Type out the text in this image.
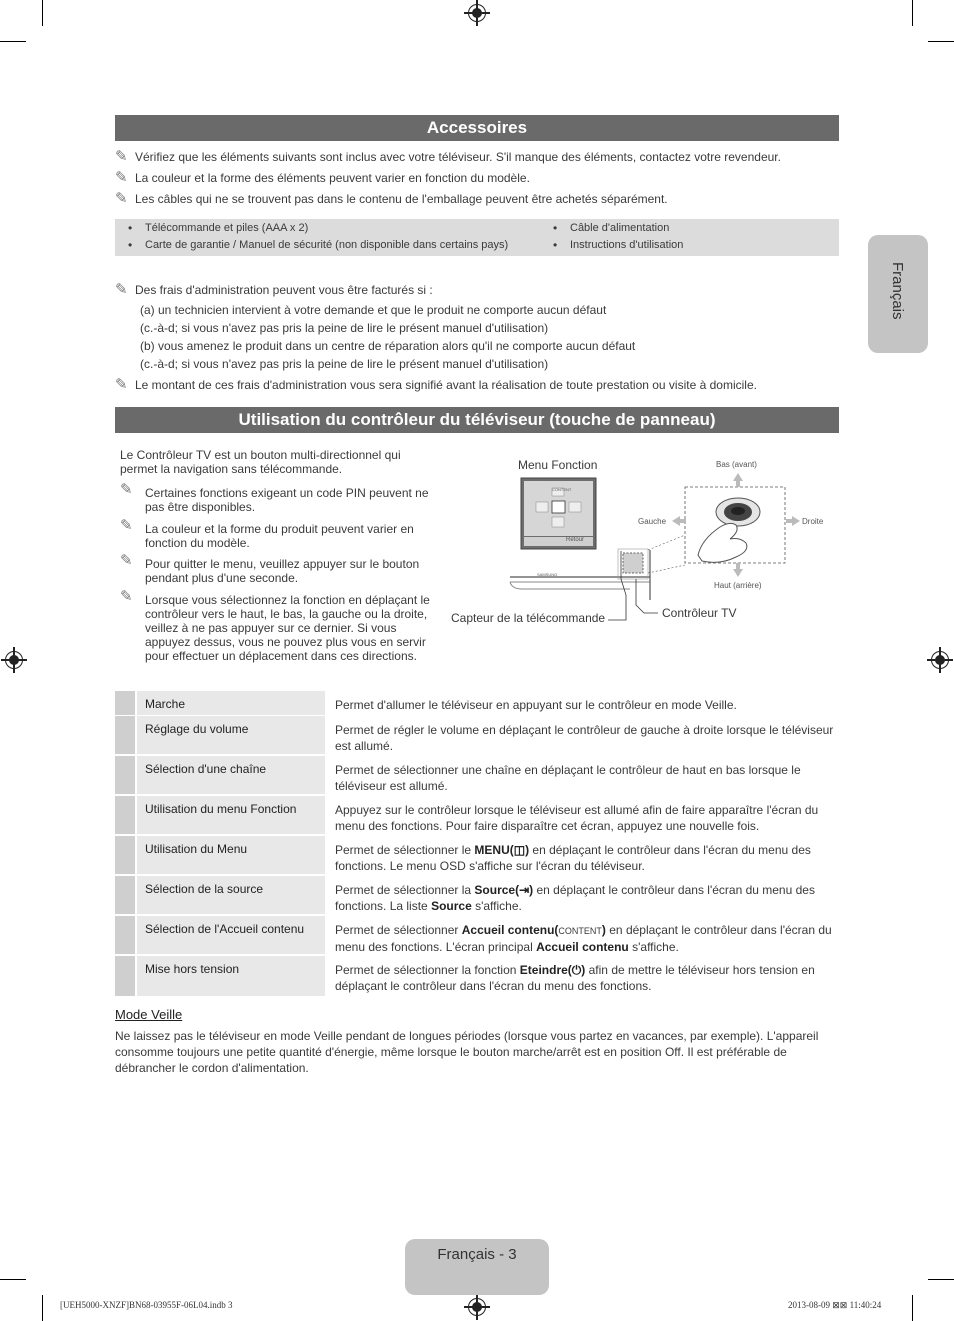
Français
Accessoires
✎ Vérifiez que les éléments suivants sont inclus avec votre téléviseur. S'il manque des éléments, contactez votre revendeur.
✎ La couleur et la forme des éléments peuvent varier en fonction du modèle.
✎ Les câbles qui ne se trouvent pas dans le contenu de l'emballage peuvent être achetés séparément.
• Télécommande et piles (AAA x 2)
• Carte de garantie / Manuel de sécurité (non disponible dans certains pays)
• Câble d'alimentation
• Instructions d'utilisation
✎ Des frais d'administration peuvent vous être facturés si :
(a) un technicien intervient à votre demande et que le produit ne comporte aucun défaut
(c.-à-d; si vous n'avez pas pris la peine de lire le présent manuel d'utilisation)
(b) vous amenez le produit dans un centre de réparation alors qu'il ne comporte aucun défaut
(c.-à-d; si vous n'avez pas pris la peine de lire le présent manuel d'utilisation)
✎ Le montant de ces frais d'administration vous sera signifié avant la réalisation de toute prestation ou visite à domicile.
Utilisation du contrôleur du téléviseur (touche de panneau)
Le Contrôleur TV est un bouton multi-directionnel qui permet la navigation sans télécommande.
✎	Certaines fonctions exigeant un code PIN peuvent ne pas être disponibles.
✎	La couleur et la forme du produit peuvent varier en fonction du modèle.
✎	Pour quitter le menu, veuillez appuyer sur le bouton pendant plus d'une seconde.
✎	Lorsque vous sélectionnez la fonction en déplaçant le contrôleur vers le haut, le bas, la gauche ou la droite, veillez à ne pas appuyer sur ce dernier. Si vous appuyez dessus, vous ne pouvez plus vous en servir pour effectuer un déplacement dans ces directions.
Menu Fonction
CONTENT
Retour
SAMSUNG
Bas (avant)
Gauche	Droite
Haut (arrière)
Contrôleur TV
Capteur de la télécommande
Marche	Permet d'allumer le téléviseur en appuyant sur le contrôleur en mode Veille.
Réglage du volume	Permet de régler le volume en déplaçant le contrôleur de gauche à droite lorsque le téléviseur est allumé.
Sélection d'une chaîne	Permet de sélectionner une chaîne en déplaçant le contrôleur de haut en bas lorsque le téléviseur est allumé.
Utilisation du menu Fonction	Appuyez sur le contrôleur lorsque le téléviseur est allumé afin de faire apparaître l'écran du menu des fonctions. Pour faire disparaître cet écran, appuyez une nouvelle fois.
Utilisation du Menu	Permet de sélectionner le MENU(◫) en déplaçant le contrôleur dans l'écran du menu des fonctions. Le menu OSD s'affiche sur l'écran du téléviseur.
Sélection de la source	Permet de sélectionner la Source(⇥) en déplaçant le contrôleur dans l'écran du menu des fonctions. La liste Source s'affiche.
Sélection de l'Accueil contenu	Permet de sélectionner Accueil contenu(CONTENT) en déplaçant le contrôleur dans l'écran du menu des fonctions. L'écran principal Accueil contenu s'affiche.
Mise hors tension	Permet de sélectionner la fonction Eteindre(⏻) afin de mettre le téléviseur hors tension en déplaçant le contrôleur dans l'écran du menu des fonctions.
Mode Veille
Ne laissez pas le téléviseur en mode Veille pendant de longues périodes (lorsque vous partez en vacances, par exemple). L'appareil consomme toujours une petite quantité d'énergie, même lorsque le bouton marche/arrêt est en position Off. Il est préférable de débrancher le cordon d'alimentation.
Français - 3
[UEH5000-XNZF]BN68-03955F-06L04.indb 3	2013-08-09 ⊠⊠ 11:40:24
